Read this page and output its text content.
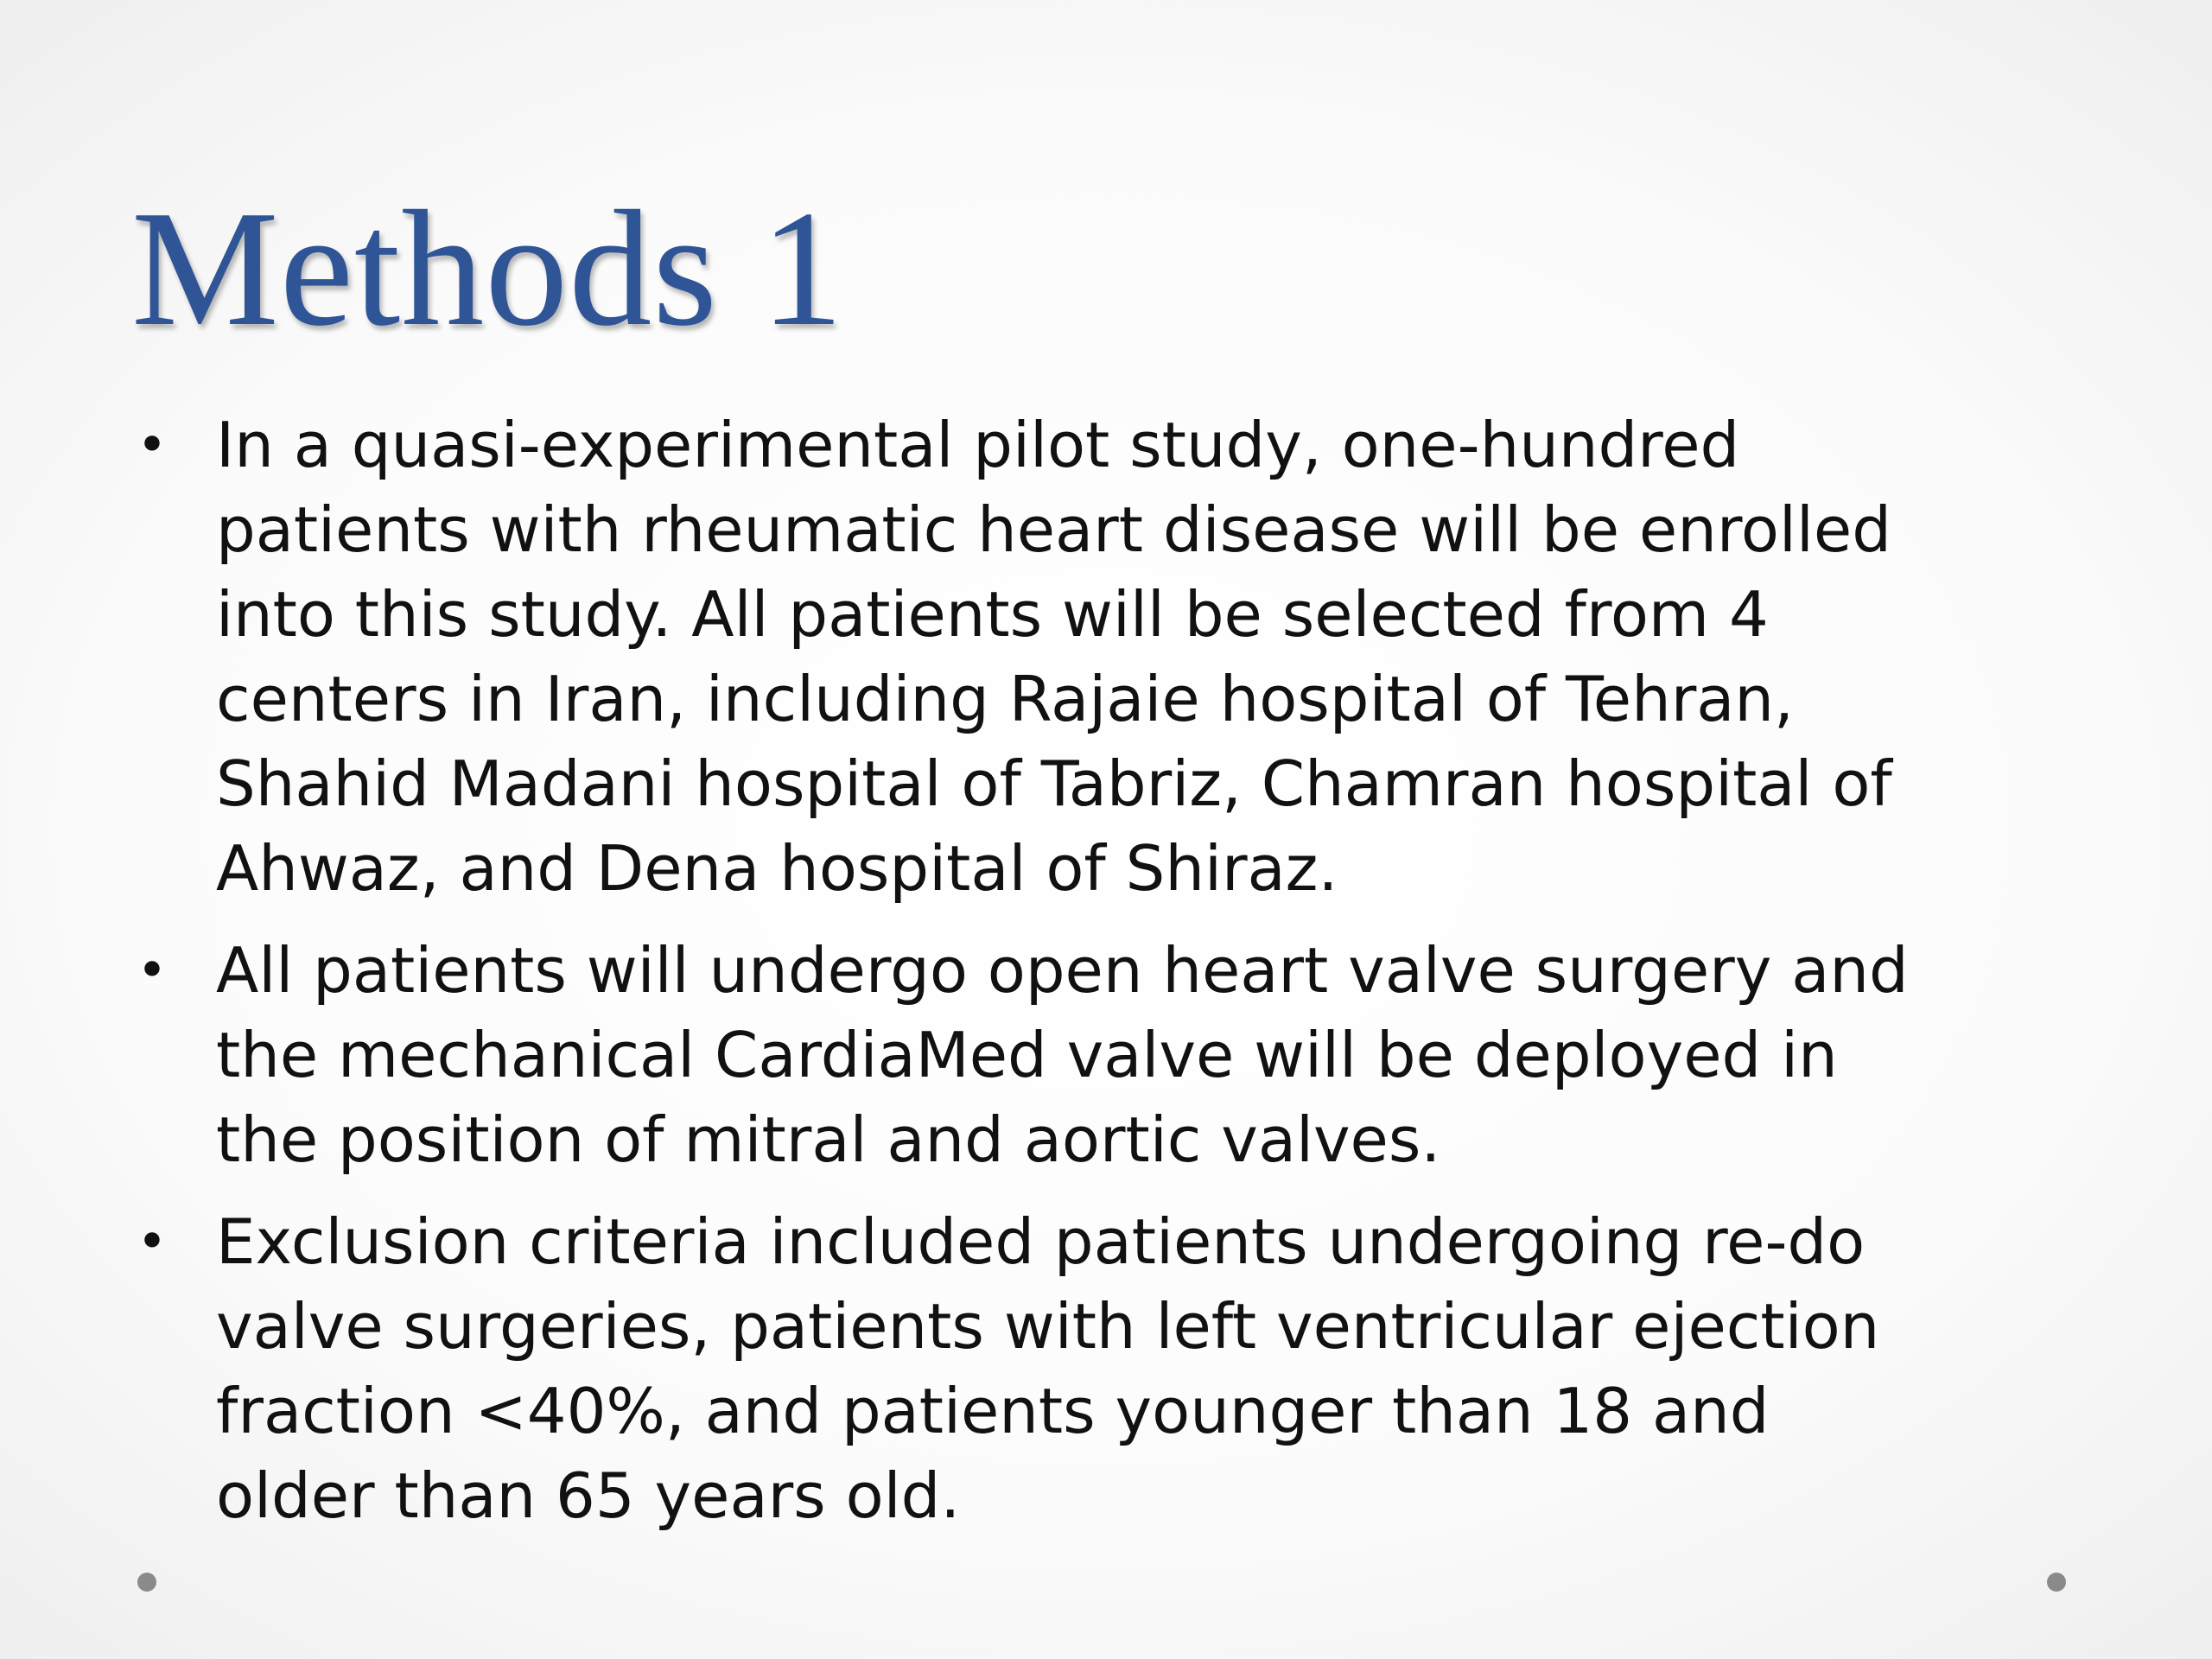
Methods 1
• In a quasi-experimental pilot study, one-hundred
patients with rheumatic heart disease will be enrolled
into this study. All patients will be selected from 4
centers in Iran, including Rajaie hospital of Tehran,
Shahid Madani hospital of Tabriz, Chamran hospital of
Ahwaz, and Dena hospital of Shiraz.
• All patients will undergo open heart valve surgery and
the mechanical CardiaMed valve will be deployed in
the position of mitral and aortic valves.
• Exclusion criteria included patients undergoing re-do
valve surgeries, patients with left ventricular ejection
fraction <40%, and patients younger than 18 and
older than 65 years old.
